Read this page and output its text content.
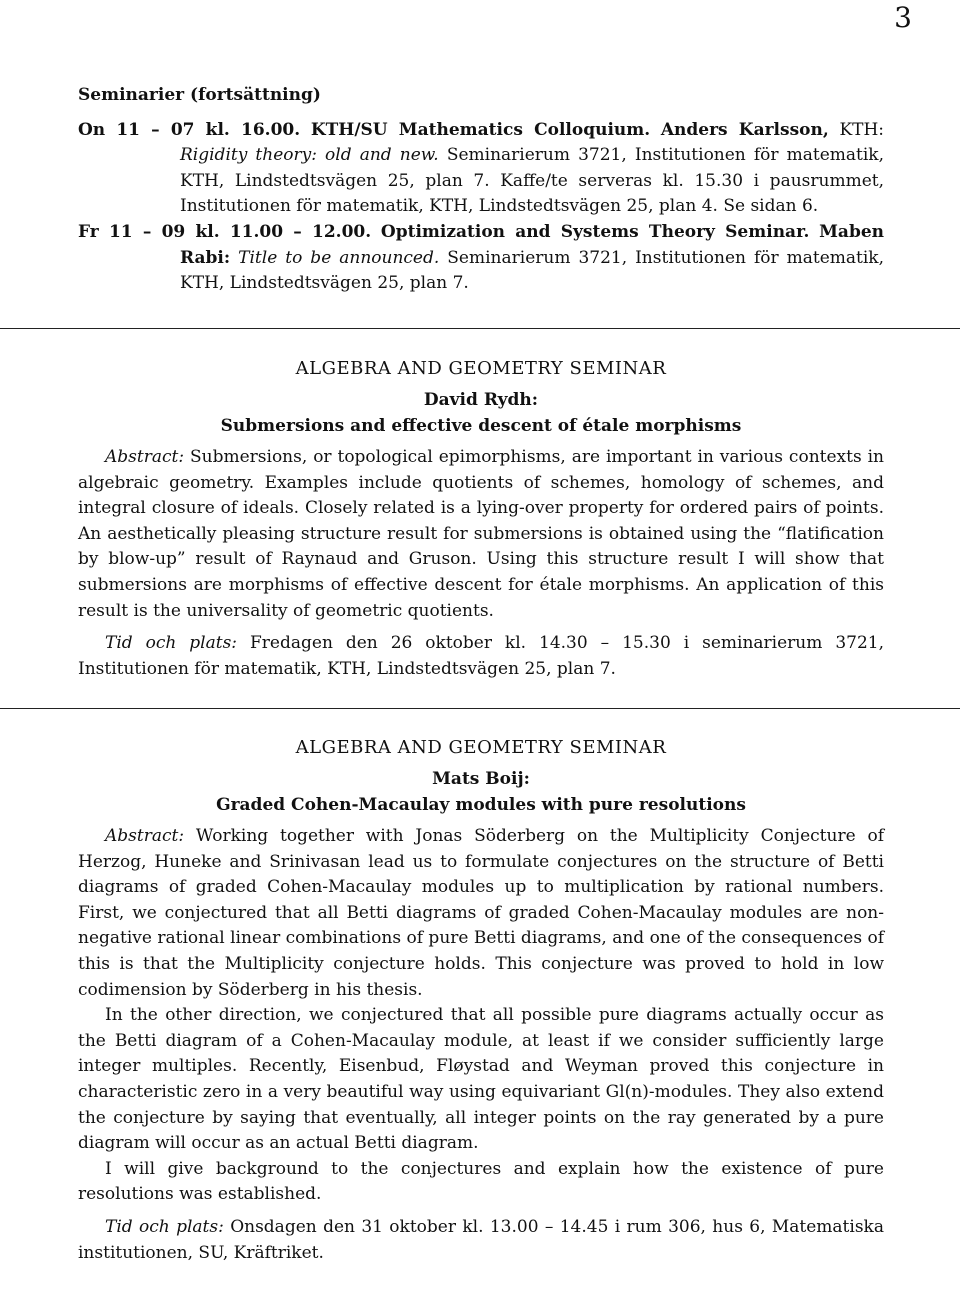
3

Seminarier (fortsättning)

On 11 – 07 kl. 16.00. KTH/SU Mathematics Colloquium. Anders Karlsson, KTH: Rigidity theory: old and new. Seminarierum 3721, Institutionen för matematik, KTH, Lindstedtsvägen 25, plan 7. Kaffe/te serveras kl. 15.30 i pausrummet, Institutionen för matematik, KTH, Lindstedtsvägen 25, plan 4. Se sidan 6.

Fr 11 – 09 kl. 11.00 – 12.00. Optimization and Systems Theory Seminar. Maben Rabi: Title to be announced. Seminarierum 3721, Institutionen för matematik, KTH, Lindstedtsvägen 25, plan 7.

ALGEBRA AND GEOMETRY SEMINAR

David Rydh:

Submersions and effective descent of étale morphisms

Abstract: Submersions, or topological epimorphisms, are important in various contexts in algebraic geometry. Examples include quotients of schemes, homology of schemes, and integral closure of ideals. Closely related is a lying-over property for ordered pairs of points. An aesthetically pleasing structure result for submersions is obtained using the “flatification by blow-up” result of Raynaud and Gruson. Using this structure result I will show that submersions are morphisms of effective descent for étale morphisms. An application of this result is the universality of geometric quotients.

Tid och plats: Fredagen den 26 oktober kl. 14.30 – 15.30 i seminarierum 3721, Institutionen för matematik, KTH, Lindstedtsvägen 25, plan 7.

ALGEBRA AND GEOMETRY SEMINAR

Mats Boij:

Graded Cohen-Macaulay modules with pure resolutions

Abstract: Working together with Jonas Söderberg on the Multiplicity Conjecture of Herzog, Huneke and Srinivasan lead us to formulate conjectures on the structure of Betti diagrams of graded Cohen-Macaulay modules up to multiplication by rational numbers. First, we conjectured that all Betti diagrams of graded Cohen-Macaulay modules are non-negative rational linear combinations of pure Betti diagrams, and one of the consequences of this is that the Multiplicity conjecture holds. This conjecture was proved to hold in low codimension by Söderberg in his thesis.

In the other direction, we conjectured that all possible pure diagrams actually occur as the Betti diagram of a Cohen-Macaulay module, at least if we consider sufficiently large integer multiples. Recently, Eisenbud, Fløystad and Weyman proved this conjecture in characteristic zero in a very beautiful way using equivariant Gl(n)-modules. They also extend the conjecture by saying that eventually, all integer points on the ray generated by a pure diagram will occur as an actual Betti diagram.

I will give background to the conjectures and explain how the existence of pure resolutions was established.

Tid och plats: Onsdagen den 31 oktober kl. 13.00 – 14.45 i rum 306, hus 6, Matematiska institutionen, SU, Kräftriket.
